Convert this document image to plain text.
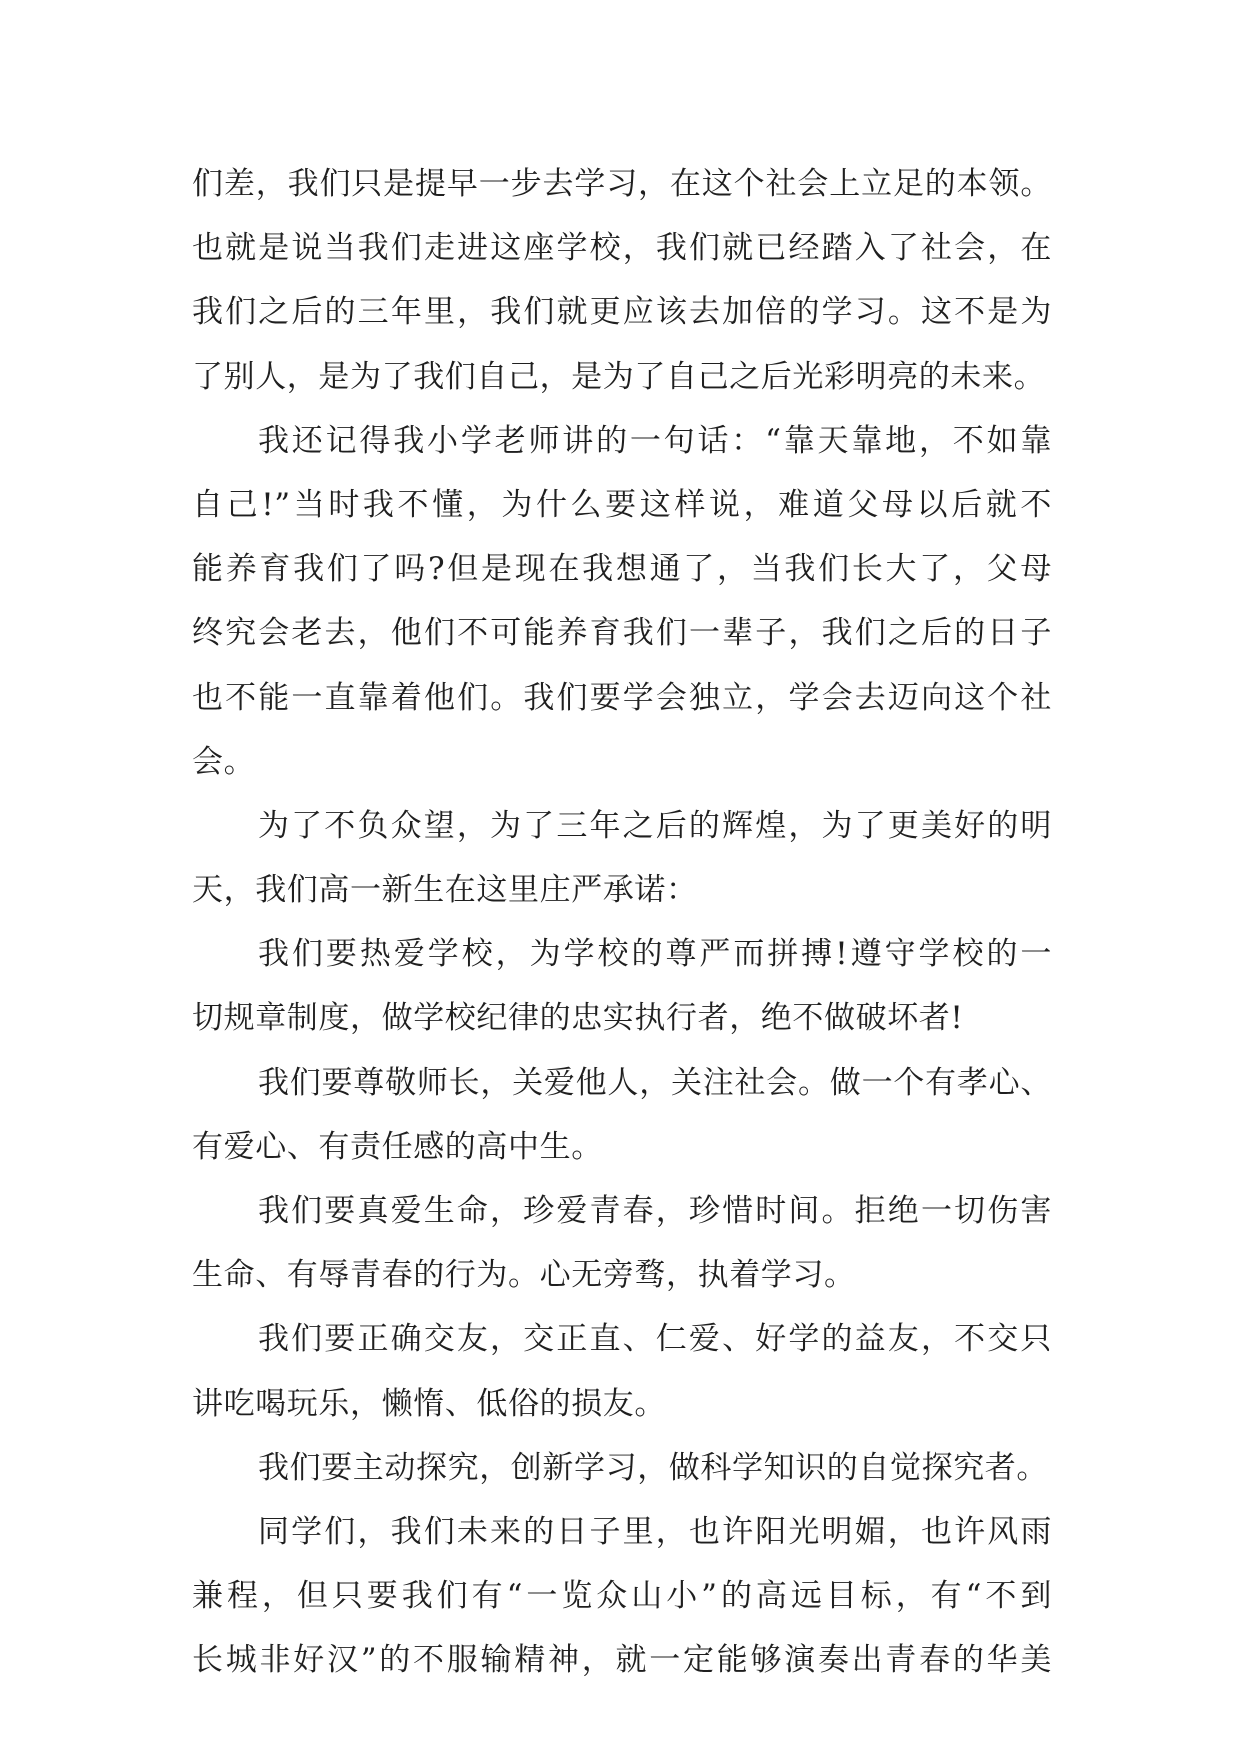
们差，我们只是提早一步去学习，在这个社会上立足的本领。
也就是说当我们走进这座学校，我们就已经踏入了社会，在
我们之后的三年里，我们就更应该去加倍的学习。这不是为
了别人，是为了我们自己，是为了自己之后光彩明亮的未来。
我还记得我小学老师讲的一句话：“靠天靠地，不如靠
自己!”当时我不懂，为什么要这样说，难道父母以后就不
能养育我们了吗?但是现在我想通了，当我们长大了，父母
终究会老去，他们不可能养育我们一辈子，我们之后的日子
也不能一直靠着他们。我们要学会独立，学会去迈向这个社
会。
为了不负众望，为了三年之后的辉煌，为了更美好的明
天，我们高一新生在这里庄严承诺：
我们要热爱学校，为学校的尊严而拼搏!遵守学校的一
切规章制度，做学校纪律的忠实执行者，绝不做破坏者!
我们要尊敬师长，关爱他人，关注社会。做一个有孝心、
有爱心、有责任感的高中生。
我们要真爱生命，珍爱青春，珍惜时间。拒绝一切伤害
生命、有辱青春的行为。心无旁骛，执着学习。
我们要正确交友，交正直、仁爱、好学的益友，不交只
讲吃喝玩乐，懒惰、低俗的损友。
我们要主动探究，创新学习，做科学知识的自觉探究者。
同学们，我们未来的日子里，也许阳光明媚，也许风雨
兼程，但只要我们有“一览众山小”的高远目标，有“不到
长城非好汉”的不服输精神，就一定能够演奏出青春的华美
